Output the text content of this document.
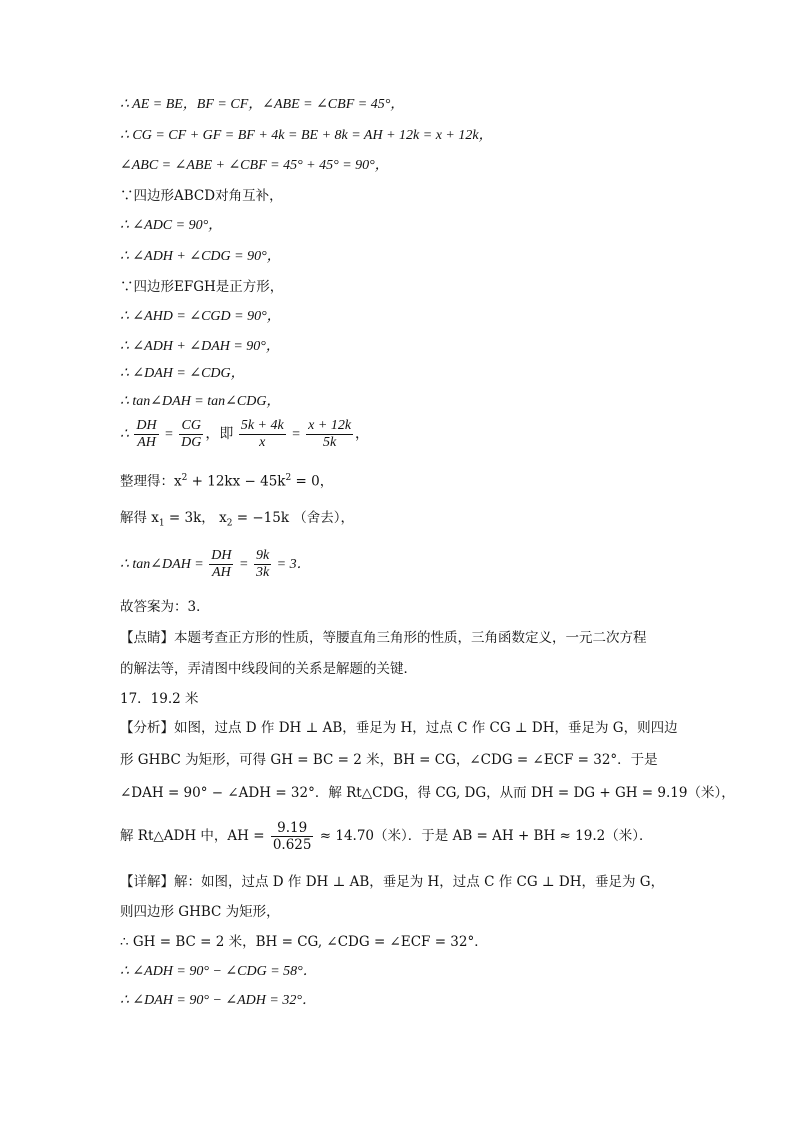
∴ AE = BE，BF = CF，∠ABE = ∠CBF = 45°，
∴ CG = CF + GF = BF + 4k = BE + 8k = AH + 12k = x + 12k，
∠ABC = ∠ABE + ∠CBF = 45° + 45° = 90°，
∵四边形ABCD对角互补，
∴ ∠ADC = 90°，
∴ ∠ADH + ∠CDG = 90°，
∵四边形EFGH是正方形，
∴ ∠AHD = ∠CGD = 90°，
∴ ∠ADH + ∠DAH = 90°，
∴ ∠DAH = ∠CDG，
∴ tan∠DAH = tan∠CDG，
∴ $\frac{DH}{AH} = \frac{CG}{DG}$ ，即 $\frac{5k + 4k}{x} = \frac{x + 12k}{5k}$ ，
整理得：$x^2 + 12kx - 45k^2 = 0$，
解得 $x_1 = 3k$， $x_2 = -15k$ （舍去），
∴ tan∠DAH = $\frac{DH}{AH} = \frac{9k}{3k} = 3$．
故答案为：3．
【点睛】本题考查正方形的性质，等腰直角三角形的性质，三角函数定义，一元二次方程
的解法等，弄清图中线段间的关系是解题的关键．
17．19.2 米
【分析】如图，过点 D 作 DH ⊥ AB，垂足为 H，过点 C 作 CG ⊥ DH，垂足为 G，则四边
形 GHBC 为矩形，可得 GH = BC = 2 米，BH = CG，∠CDG = ∠ECF = 32°．于是
∠DAH = 90° − ∠ADH = 32°．解 Rt△CDG，得 CG, DG，从而 DH = DG + GH = 9.19（米），
解 Rt△ADH 中，AH = $\frac{9.19}{0.625} \approx 14.70$（米）．于是 AB = AH + BH ≈ 19.2（米）．
【详解】解：如图，过点 D 作 DH ⊥ AB，垂足为 H，过点 C 作 CG ⊥ DH，垂足为 G，
则四边形 GHBC 为矩形，
∴ GH = BC = 2 米，BH = CG, ∠CDG = ∠ECF = 32°．
∴ ∠ADH = 90° − ∠CDG = 58°．
∴ ∠DAH = 90° − ∠ADH = 32°．
